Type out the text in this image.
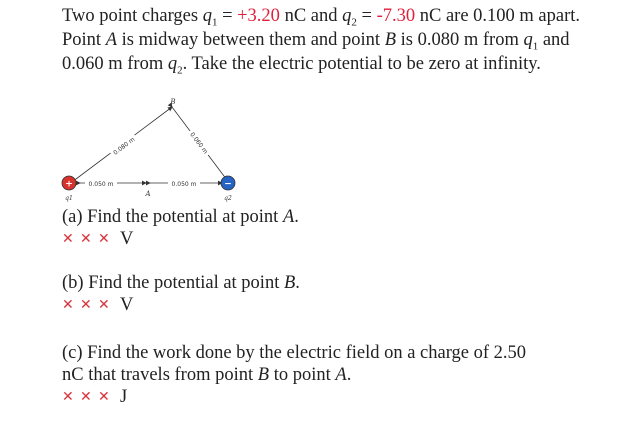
Two point charges $q_1 = +3.20$ nC and $q_2 = -7.30$ nC are 0.100 m apart. Point A is midway between them and point B is 0.080 m from $q_1$ and 0.060 m from $q_2$. Take the electric potential to be zero at infinity.
+	−
0.050 m	0.050 m
0.080 m	0.060 m
B
A
q1	q2
(a) Find the potential at point A.
✕ ✕ ✕ V
(b) Find the potential at point B.
✕ ✕ ✕ V
(c) Find the work done by the electric field on a charge of 2.50
nC that travels from point B to point A.
✕ ✕ ✕ J
